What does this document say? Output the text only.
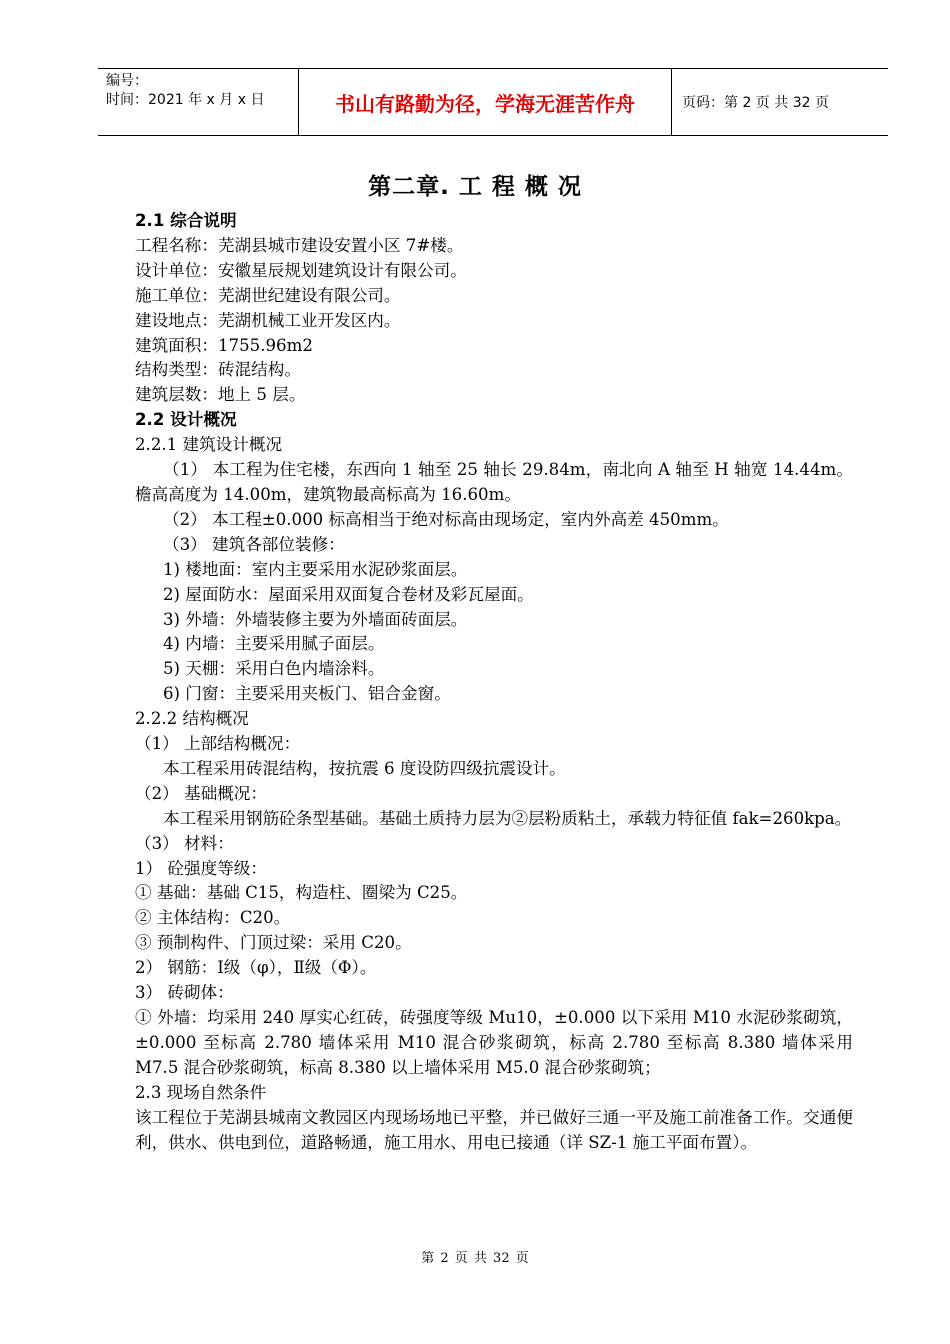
编号：
时间：2021 年 x 月 x 日	书山有路勤为径，学海无涯苦作舟	页码：第 2 页 共 32 页
第二章. 工 程 概 况

2.1 综合说明

工程名称：芜湖县城市建设安置小区 7#楼。

设计单位：安徽星辰规划建筑设计有限公司。

施工单位：芜湖世纪建设有限公司。

建设地点：芜湖机械工业开发区内。

建筑面积：1755.96m2

结构类型：砖混结构。

建筑层数：地上 5 层。

2.2 设计概况

2.2.1 建筑设计概况

（1） 本工程为住宅楼，东西向 1 轴至 25 轴长 29.84m，南北向 A 轴至 H 轴宽 14.44m。檐高高度为 14.00m，建筑物最高标高为 16.60m。

（2） 本工程±0.000 标高相当于绝对标高由现场定，室内外高差 450mm。

（3） 建筑各部位装修：

1) 楼地面：室内主要采用水泥砂浆面层。

2) 屋面防水：屋面采用双面复合卷材及彩瓦屋面。

3) 外墙：外墙装修主要为外墙面砖面层。

4) 内墙：主要采用腻子面层。

5) 天棚：采用白色内墙涂料。

6) 门窗：主要采用夹板门、铝合金窗。

2.2.2 结构概况

（1） 上部结构概况：

本工程采用砖混结构，按抗震 6 度设防四级抗震设计。

（2） 基础概况：

本工程采用钢筋砼条型基础。基础土质持力层为②层粉质粘土，承载力特征值 fak=260kpa。

（3） 材料：

1） 砼强度等级：

① 基础：基础 C15，构造柱、圈梁为 C25。

② 主体结构：C20。

③ 预制构件、门顶过梁：采用 C20。

2） 钢筋：Ⅰ级（φ），Ⅱ级（Φ）。

3） 砖砌体：

① 外墙：均采用 240 厚实心红砖，砖强度等级 Mu10，±0.000 以下采用 M10 水泥砂浆砌筑，±0.000 至标高 2.780 墙体采用 M10 混合砂浆砌筑，标高 2.780 至标高 8.380 墙体采用 M7.5 混合砂浆砌筑，标高 8.380 以上墙体采用 M5.0 混合砂浆砌筑；

2.3 现场自然条件

该工程位于芜湖县城南文教园区内现场场地已平整，并已做好三通一平及施工前准备工作。交通便利，供水、供电到位，道路畅通，施工用水、用电已接通（详 SZ-1 施工平面布置）。

第 2 页 共 32 页
